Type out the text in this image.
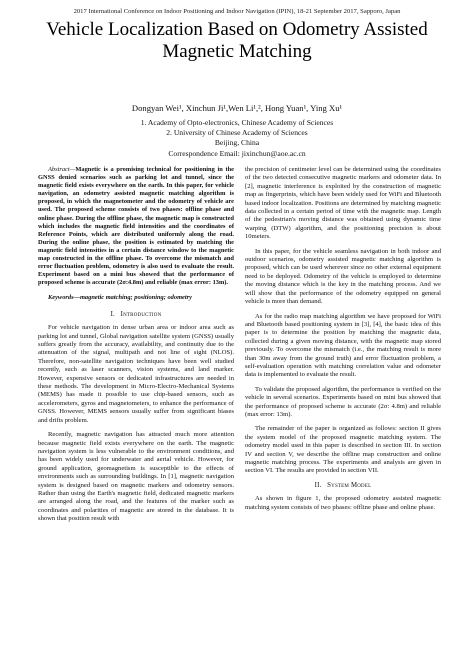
2017 International Conference on Indoor Positioning and Indoor Navigation (IPIN), 18-21 September 2017, Sapporo, Japan
Vehicle Localization Based on Odometry Assisted
Magnetic Matching
Dongyan Wei¹, Xinchun Ji¹,Wen Li¹,², Hong Yuan¹, Ying Xu¹
1. Academy of Opto-electronics, Chinese Academy of Sciences
2. University of Chinese Academy of Sciences
Beijing, China
Correspondence Email: jixinchun@aoe.ac.cn
Abstract—Magnetic is a promising technical for positioning in the GNSS denied scenarios such as parking lot and tunnel, since the magnetic field exists everywhere on the earth. In this paper, for vehicle navigation, an odometry assisted magnetic matching algorithm is proposed, in which the magnetometer and the odometry of vehicle are used. The proposed scheme consists of two phases: offline phase and online phase. During the offline phase, the magnetic map is constructed which includes the magnetic field intensities and the coordinates of Reference Points, which are distributed uniformly along the road. During the online phase, the position is estimated by matching the magnetic field intensities in a certain distance window to the magnetic map constructed in the offline phase. To overcome the mismatch and error fluctuation problem, odometry is also used to evaluate the result. Experiment based on a mini bus showed that the performance of proposed scheme is accurate (2σ:4.8m) and reliable (max error: 13m).
Keywords—magnetic matching; positioning; odometry
I. Introduction

For vehicle navigation in dense urban area or indoor area such as parking lot and tunnel, Global navigation satellite system (GNSS) usually suffers greatly from the accuracy, availability, and continuity due to the attenuation of the signal, multipath and not line of sight (NLOS). Therefore, non-satellite navigation techniques have been well studied recently, such as laser scanners, vision systems, and land marker. However, expensive sensors or dedicated infrastructures are needed in these methods. The development in Micro-Electro-Mechanical Systems (MEMS) has made it possible to use chip-based sensors, such as accelerometers, gyros and magnetometers, to enhance the performance of GNSS. However, MEMS sensors usually suffer from significant biases and drifts problem.

Recently, magnetic navigation has attracted much more attention because magnetic field exists everywhere on the earth. The magnetic navigation system is less vulnerable to the environment conditions, and has been widely used for underwater and aerial vehicle. However, for ground application, geomagnetism is susceptible to the effects of environments such as surrounding buildings. In [1], magnetic navigation system is designed based on magnetic markers and odometry sensors. Rather than using the Earth's magnetic field, dedicated magnetic markers are arranged along the road, and the features of the marker such as coordinates and polarities of magnetic are stored in the database. It is shown that position result with

the precision of centimeter level can be determined using the coordinates of the two detected consecutive magnetic markers and odometer data. In [2], magnetic interference is exploited by the construction of magnetic map as fingerprints, which have been widely used for WiFi and Bluetooth based indoor localization. Positions are determined by matching magnetic data collected in a certain period of time with the magnetic map. Length of the pedestrian's moving distance was obtained using dynamic time warping (DTW) algorithm, and the positioning precision is about 10meters.

In this paper, for the vehicle seamless navigation in both indoor and outdoor scenarios, odometry assisted magnetic matching algorithm is proposed, which can be used wherever since no other external equipment need to be deployed. Odometry of the vehicle is employed to determine the moving distance which is the key in the matching process. And we will show that the performance of the odometry equipped on general vehicle is more than demand.

As for the radio map matching algorithm we have proposed for WiFi and Bluetooth based positioning system in [3], [4], the basic idea of this paper is to determine the position by matching the magnetic data, collected during a given moving distance, with the magnetic map stored previously. To overcome the mismatch (i.e., the matching result is more than 30m away from the ground truth) and error fluctuation problem, a self-evaluation operation with matching correlation value and odometer data is implemented to evaluate the result.

To validate the proposed algorithm, the performance is verified on the vehicle in several scenarios. Experiments based on mini bus showed that the performance of proposed scheme is accurate (2σ: 4.8m) and reliable (max error: 13m).

The remainder of the paper is organized as follows: section II gives the system model of the proposed magnetic matching system. The odometry model used in this paper is described in section III. In section IV and section V, we describe the offline map construction and online magnetic matching process. The experiments and analysis are given in section VI. The results are provided in section VII.

II. System Model

As shown in figure 1, the proposed odometry assisted magnetic matching system consists of two phases: offline phase and online phase.
